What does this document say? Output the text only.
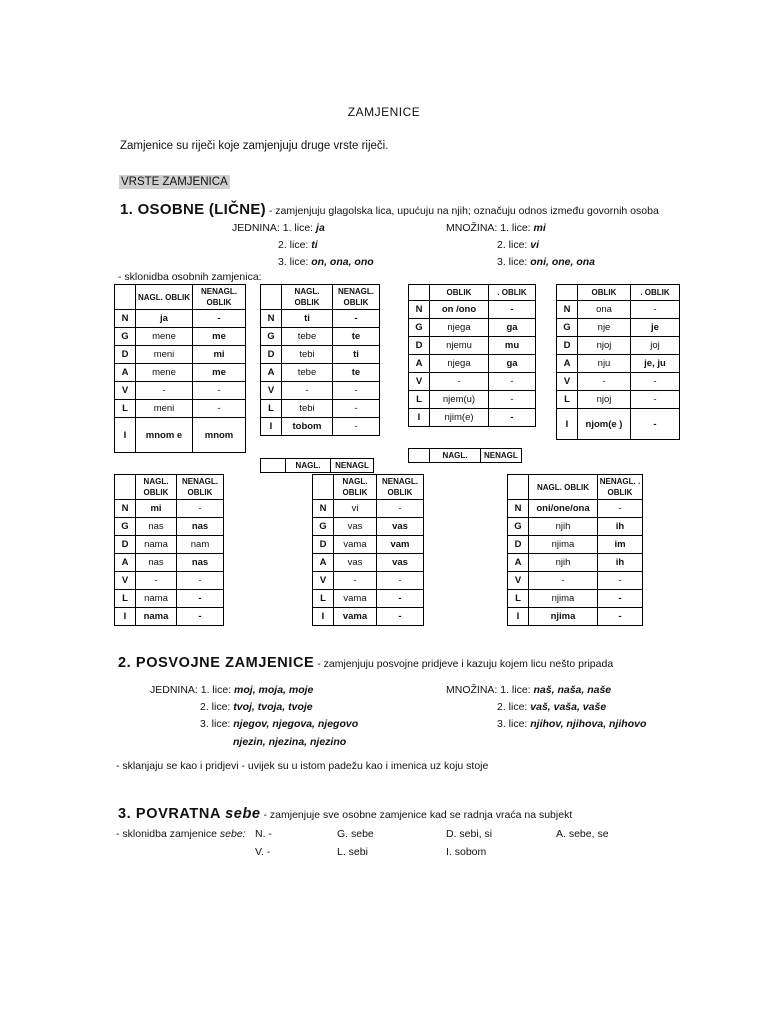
ZAMJENICE
Zamjenice su riječi koje zamjenjuju druge vrste riječi.
VRSTE ZAMJENICA
1. OSOBNE (LIČNE) - zamjenjuju glagolska lica, upućuju na njih; označuju odnos između govornih osoba
JEDNINA: 1. lice: ja
2. lice: ti
3. lice: on, ona, ono
MNOŽINA: 1. lice: mi
2. lice: vi
3. lice: oni, one, ona
- sklonidba osobnih zamjenica:
	NAGL. OBLIK	NENAGL. OBLIK
N	ja	-
G	mene	me
D	meni	mi
A	mene	me
V	-	-
L	meni	-
I	mnom e	mnom
	NAGL. OBLIK	NENAGL. OBLIK
N	ti	-
G	tebe	te
D	tebi	ti
A	tebe	te
V	-	-
L	tebi	-
I	tobom	-
	OBLIK	. OBLIK
N	on /ono	-
G	njega	ga
D	njemu	mu
A	njega	ga
V	-	-
L	njem(u)	-
I	njim(e)	-
	OBLIK	. OBLIK
N	ona	-
G	nje	je
D	njoj	joj
A	nju	je, ju
V	-	-
L	njoj	-
I	njom(e )	-
	NAGL.	NENAGL
	NAGL.	NENAGL
	NAGL. OBLIK	NENAGL. OBLIK
N	mi	-
G	nas	nas
D	nama	nam
A	nas	nas
V	-	-
L	nama	-
I	nama	-
	NAGL. OBLIK	NENAGL. OBLIK
N	vi	-
G	vas	vas
D	vama	vam
A	vas	vas
V	-	-
L	vama	-
I	vama	-
	NAGL. OBLIK	NENAGL. . OBLIK
N	oni/one/ona	-
G	njih	ih
D	njima	im
A	njih	ih
V	-	-
L	njima	-
I	njima	-
2. POSVOJNE ZAMJENICE - zamjenjuju posvojne pridjeve i kazuju kojem licu nešto pripada
JEDNINA: 1. lice: moj, moja, moje
2. lice: tvoj, tvoja, tvoje
3. lice: njegov, njegova, njegovo
njezin, njezina, njezino
MNOŽINA: 1. lice: naš, naša, naše
2. lice: vaš, vaša, vaše
3. lice: njihov, njihova, njihovo
- sklanjaju se kao i pridjevi - uvijek su u istom padežu kao i imenica uz koju stoje
3. POVRATNA sebe - zamjenjuje sve osobne zamjenice kad se radnja vraća na subjekt
- sklonidba zamjenice sebe: N. -	G. sebe	D. sebi, si	A. sebe, se
V. -	L. sebi	I. sobom
